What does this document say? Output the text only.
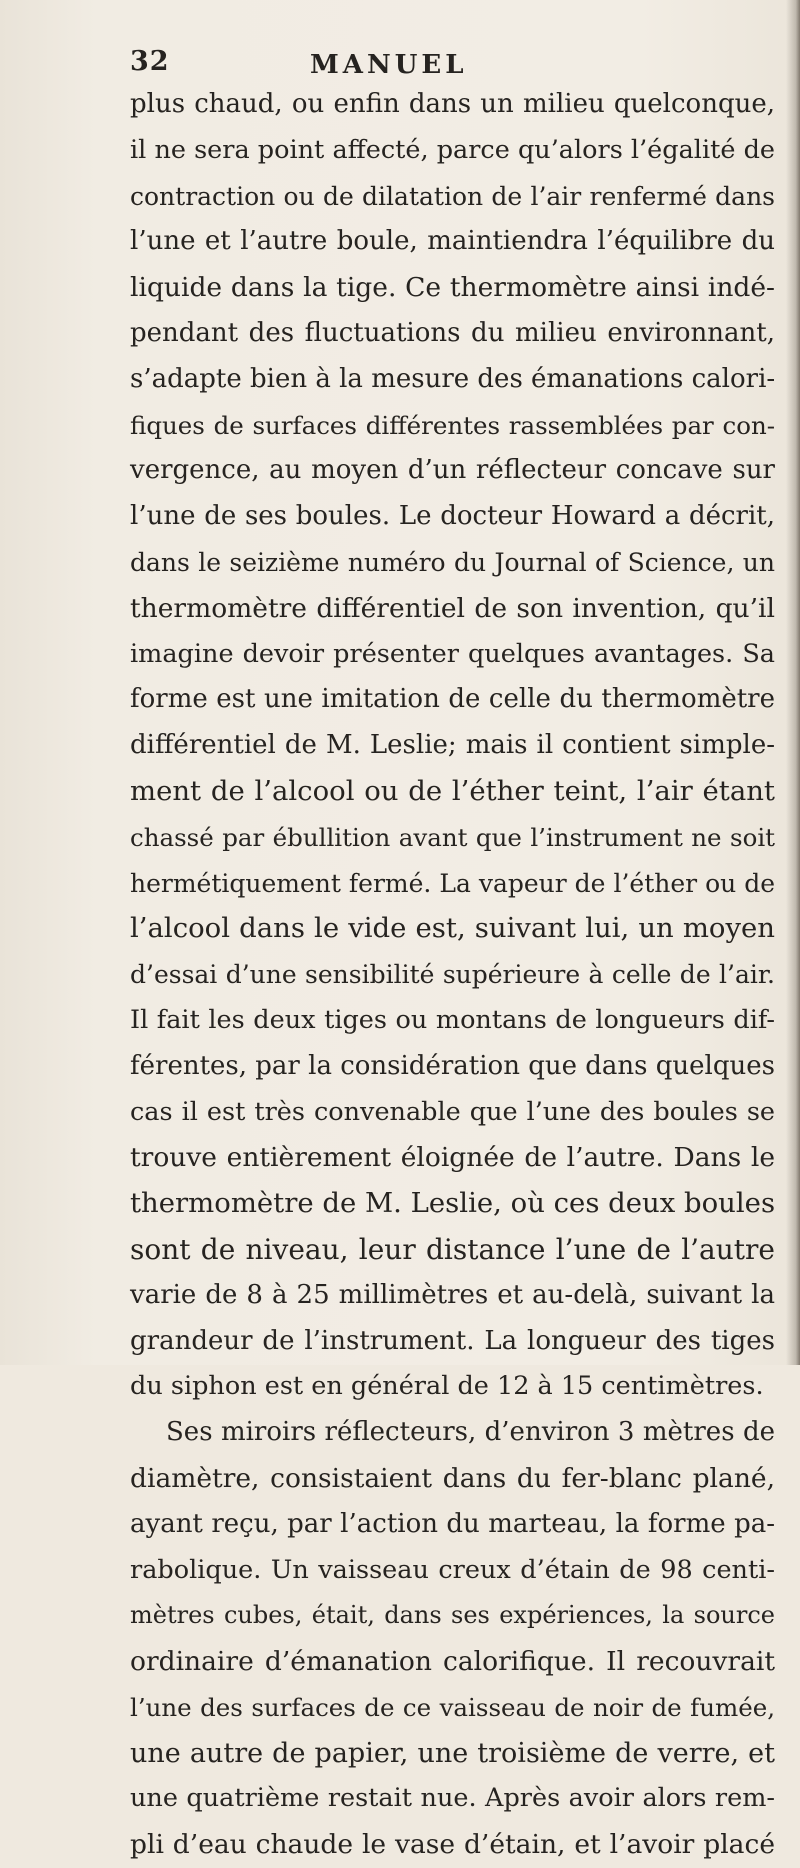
32	MANUEL
plus chaud, ou enfin dans un milieu quelconque,
il ne sera point affecté, parce qu’alors l’égalité de
contraction ou de dilatation de l’air renfermé dans
l’une et l’autre boule, maintiendra l’équilibre du
liquide dans la tige. Ce thermomètre ainsi indé-
pendant des fluctuations du milieu environnant,
s’adapte bien à la mesure des émanations calori-
fiques de surfaces différentes rassemblées par con-
vergence, au moyen d’un réflecteur concave sur
l’une de ses boules. Le docteur Howard a décrit,
dans le seizième numéro du Journal of Science, un
thermomètre différentiel de son invention, qu’il
imagine devoir présenter quelques avantages. Sa
forme est une imitation de celle du thermomètre
différentiel de M. Leslie; mais il contient simple-
ment de l’alcool ou de l’éther teint, l’air étant
chassé par ébullition avant que l’instrument ne soit
hermétiquement fermé. La vapeur de l’éther ou de
l’alcool dans le vide est, suivant lui, un moyen
d’essai d’une sensibilité supérieure à celle de l’air.
Il fait les deux tiges ou montans de longueurs dif-
férentes, par la considération que dans quelques
cas il est très convenable que l’une des boules se
trouve entièrement éloignée de l’autre. Dans le
thermomètre de M. Leslie, où ces deux boules
sont de niveau, leur distance l’une de l’autre
varie de 8 à 25 millimètres et au-delà, suivant la
grandeur de l’instrument. La longueur des tiges
du siphon est en général de 12 à 15 centimètres.
Ses miroirs réflecteurs, d’environ 3 mètres de
diamètre, consistaient dans du fer-blanc plané,
ayant reçu, par l’action du marteau, la forme pa-
rabolique. Un vaisseau creux d’étain de 98 centi-
mètres cubes, était, dans ses expériences, la source
ordinaire d’émanation calorifique. Il recouvrait
l’une des surfaces de ce vaisseau de noir de fumée,
une autre de papier, une troisième de verre, et
une quatrième restait nue. Après avoir alors rem-
pli d’eau chaude le vase d’étain, et l’avoir placé
